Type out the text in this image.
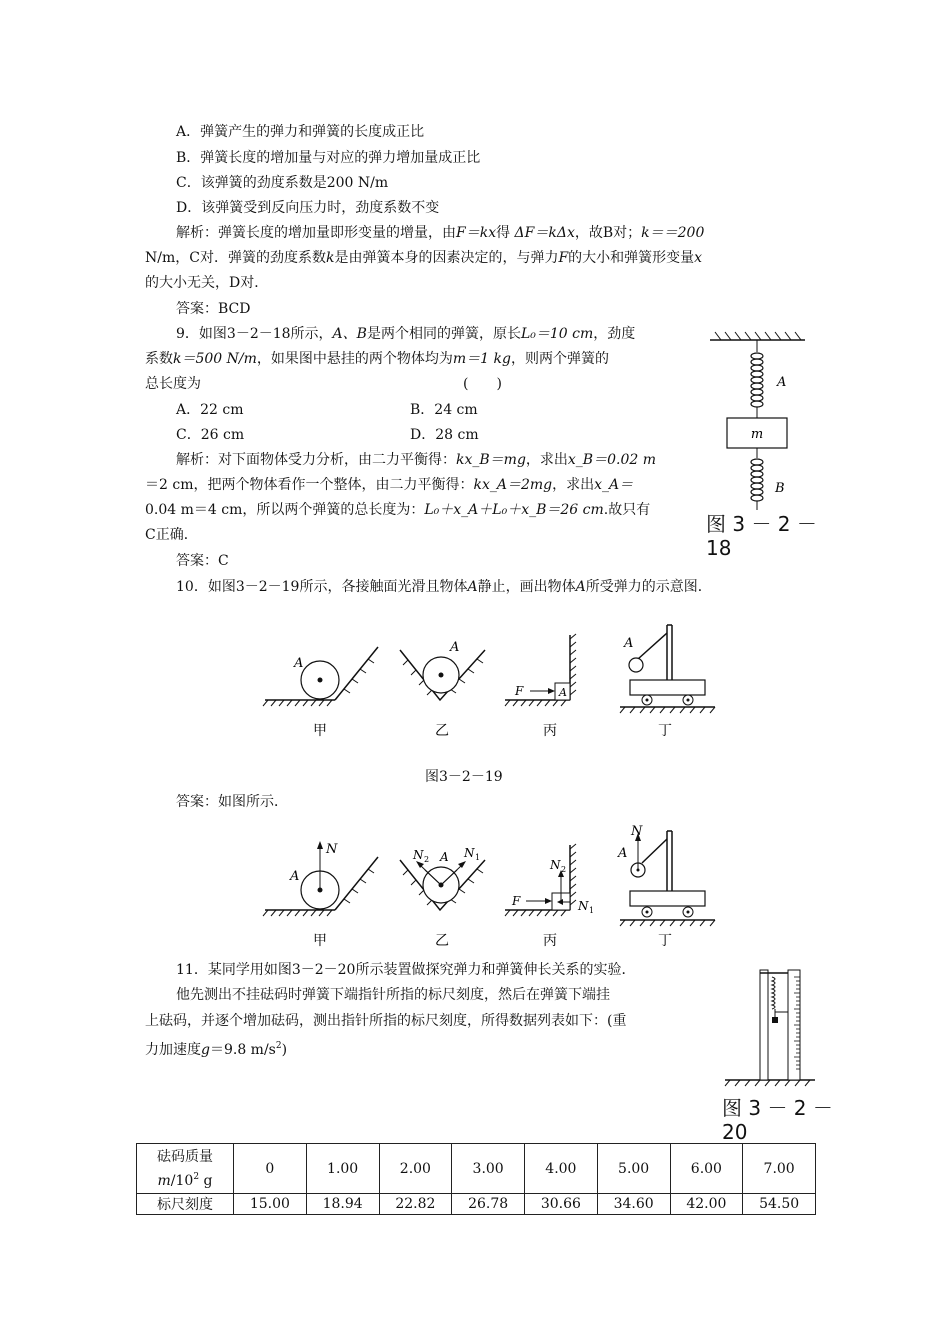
A．弹簧产生的弹力和弹簧的长度成正比
B．弹簧长度的增加量与对应的弹力增加量成正比
C．该弹簧的劲度系数是200 N/m
D．该弹簧受到反向压力时，劲度系数不变
解析：弹簧长度的增加量即形变量的增量，由F＝kx得 ΔF＝kΔx，故B对；k＝＝200
N/m，C对．弹簧的劲度系数k是由弹簧本身的因素决定的，与弹力F的大小和弹簧形变量x
的大小无关，D对．
答案：BCD
9．如图3－2－18所示，A、B是两个相同的弹簧，原长L₀＝10 cm，劲度
系数k＝500 N/m，如果图中悬挂的两个物体均为m＝1 kg，则两个弹簧的
总长度为	(　　)
A．22 cm	B．24 cm
C．26 cm	D．28 cm
解析：对下面物体受力分析，由二力平衡得：kx_B＝mg，求出x_B＝0.02 m
＝2 cm，把两个物体看作一个整体，由二力平衡得：kx_A＝2mg，求出x_A＝
0.04 m＝4 cm，所以两个弹簧的总长度为：L₀＋x_A＋L₀＋x_B＝26 cm.故只有
C正确．
答案：C
A
m
B
图 3 － 2 －
18
10．如图3－2－19所示，各接触面光滑且物体A静止，画出物体A所受弹力的示意图．
A
甲
A
乙
A
F
丙
A
丁
图3－2－19
答案：如图所示．
N
A
甲
N 2 A N 1
乙
F
N 2
N 1
丙
N
A
丁
11．某同学用如图3－2－20所示装置做探究弹力和弹簧伸长关系的实验．
他先测出不挂砝码时弹簧下端指针所指的标尺刻度，然后在弹簧下端挂
上砝码，并逐个增加砝码，测出指针所指的标尺刻度，所得数据列表如下：(重
力加速度g＝9.8 $m/s^2$)
图 3 － 2 －
20
砝码质量
$m/10^2$ g	0	1.00	2.00	3.00	4.00	5.00	6.00	7.00
标尺刻度	15.00	18.94	22.82	26.78	30.66	34.60	42.00	54.50
